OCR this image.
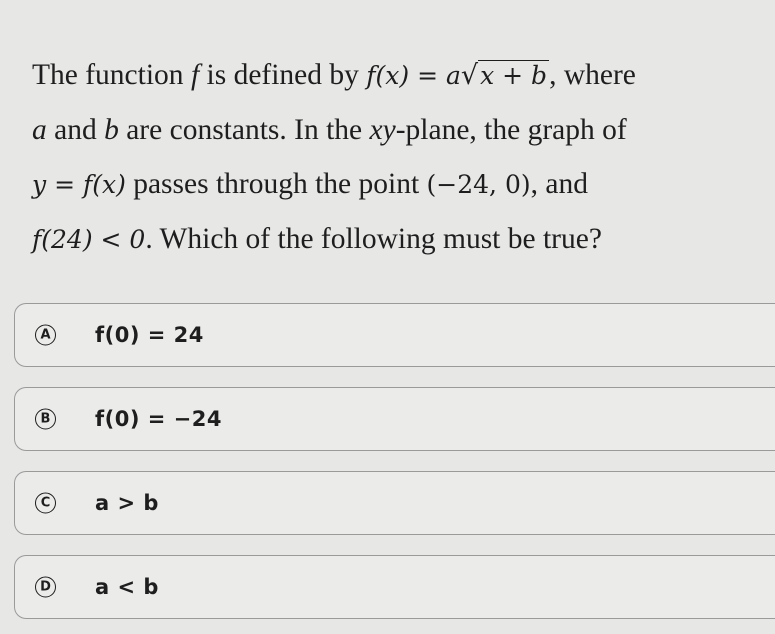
The function f is defined by f(x) = a√x + b, where
a and b are constants. In the xy-plane, the graph of
y = f(x) passes through the point (−24, 0), and
f(24) < 0. Which of the following must be true?
A f(0) = 24
B f(0) = −24
C a > b
D a < b
